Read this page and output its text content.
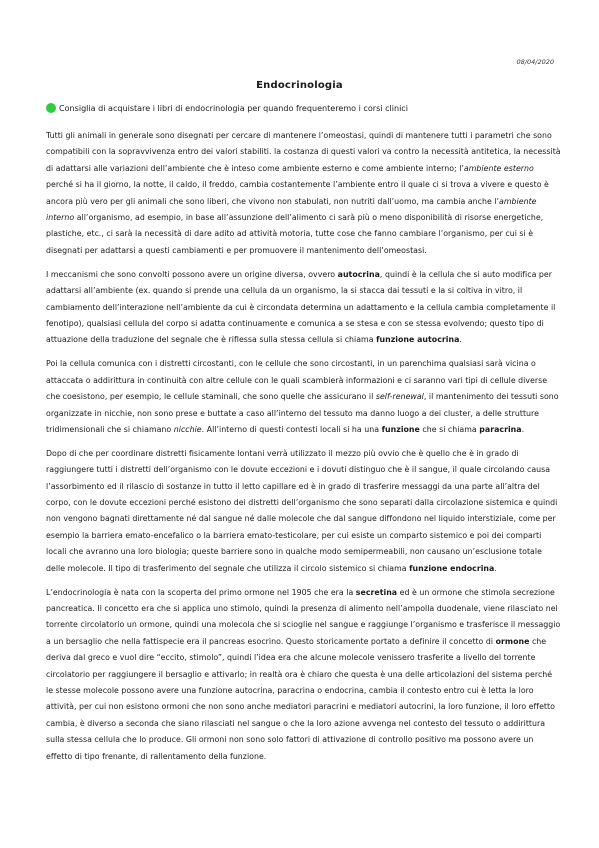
08/04/2020
Endocrinologia
Consiglia di acquistare i libri di endocrinologia per quando frequenteremo i corsi clinici

Tutti gli animali in generale sono disegnati per cercare di mantenere l’omeostasi, quindi di mantenere tutti i parametri che sono compatibili con la sopravvivenza entro dei valori stabiliti. la costanza di questi valori va contro la necessità antitetica, la necessità di adattarsi alle variazioni dell’ambiente che è inteso come ambiente esterno e come ambiente interno; l’ambiente esterno perché si ha il giorno, la notte, il caldo, il freddo, cambia costantemente l’ambiente entro il quale ci si trova a vivere e questo è ancora più vero per gli animali che sono liberi, che vivono non stabulati, non nutriti dall’uomo, ma cambia anche l’ambiente interno all’organismo, ad esempio, in base all’assunzione dell’alimento ci sarà più o meno disponibilità di risorse energetiche, plastiche, etc., ci sarà la necessità di dare adito ad attività motoria, tutte cose che fanno cambiare l’organismo, per cui si è disegnati per adattarsi a questi cambiamenti e per promuovere il mantenimento dell’omeostasi.

I meccanismi che sono convolti possono avere un origine diversa, ovvero autocrina, quindi è la cellula che si auto modifica per adattarsi all’ambiente (ex. quando si prende una cellula da un organismo, la si stacca dai tessuti e la si coltiva in vitro, il cambiamento dell’interazione nell’ambiente da cui è circondata determina un adattamento e la cellula cambia completamente il fenotipo), qualsiasi cellula del corpo si adatta continuamente e comunica a se stesa e con se stessa evolvendo; questo tipo di attuazione della traduzione del segnale che è riflessa sulla stessa cellula si chiama funzione autocrina.

Poi la cellula comunica con i distretti circostanti, con le cellule che sono circostanti, in un parenchima qualsiasi sarà vicina o attaccata o addirittura in continuità con altre cellule con le quali scambierà informazioni e ci saranno vari tipi di cellule diverse che coesistono, per esempio, le cellule staminali, che sono quelle che assicurano il self-renewal, il mantenimento dei tessuti sono organizzate in nicchie, non sono prese e buttate a caso all’interno del tessuto ma danno luogo a dei cluster, a delle strutture tridimensionali che si chiamano nicchie. All’interno di questi contesti locali si ha una funzione che si chiama paracrina.

Dopo di che per coordinare distretti fisicamente lontani verrà utilizzato il mezzo più ovvio che è quello che è in grado di raggiungere tutti i distretti dell’organismo con le dovute eccezioni e i dovuti distinguo che è il sangue, il quale circolando causa l’assorbimento ed il rilascio di sostanze in tutto il letto capillare ed è in grado di trasferire messaggi da una parte all’altra del corpo, con le dovute eccezioni perché esistono dei distretti dell’organismo che sono separati dalla circolazione sistemica e quindi non vengono bagnati direttamente né dal sangue né dalle molecole che dal sangue diffondono nel liquido interstiziale, come per esempio la barriera emato-encefalico o la barriera emato-testicolare, per cui esiste un comparto sistemico e poi dei comparti locali che avranno una loro biologia; queste barriere sono in qualche modo semipermeabili, non causano un’esclusione totale delle molecole. Il tipo di trasferimento del segnale che utilizza il circolo sistemico si chiama funzione endocrina.

L’endocrinologia è nata con la scoperta del primo ormone nel 1905 che era la secretina ed è un ormone che stimola secrezione pancreatica. Il concetto era che si applica uno stimolo, quindi la presenza di alimento nell’ampolla duodenale, viene rilasciato nel torrente circolatorio un ormone, quindi una molecola che si scioglie nel sangue e raggiunge l’organismo e trasferisce il messaggio a un bersaglio che nella fattispecie era il pancreas esocrino. Questo storicamente portato a definire il concetto di ormone che deriva dal greco e vuol dire “eccito, stimolo”, quindi l’idea era che alcune molecole venissero trasferite a livello del torrente circolatorio per raggiungere il bersaglio e attivarlo; in realtà ora è chiaro che questa è una delle articolazioni del sistema perché le stesse molecole possono avere una funzione autocrina, paracrina o endocrina, cambia il contesto entro cui è letta la loro attività, per cui non esistono ormoni che non sono anche mediatori paracrini e mediatori autocrini, la loro funzione, il loro effetto cambia, è diverso a seconda che siano rilasciati nel sangue o che la loro azione avvenga nel contesto del tessuto o addirittura sulla stessa cellula che lo produce. Gli ormoni non sono solo fattori di attivazione di controllo positivo ma possono avere un effetto di tipo frenante, di rallentamento della funzione.
